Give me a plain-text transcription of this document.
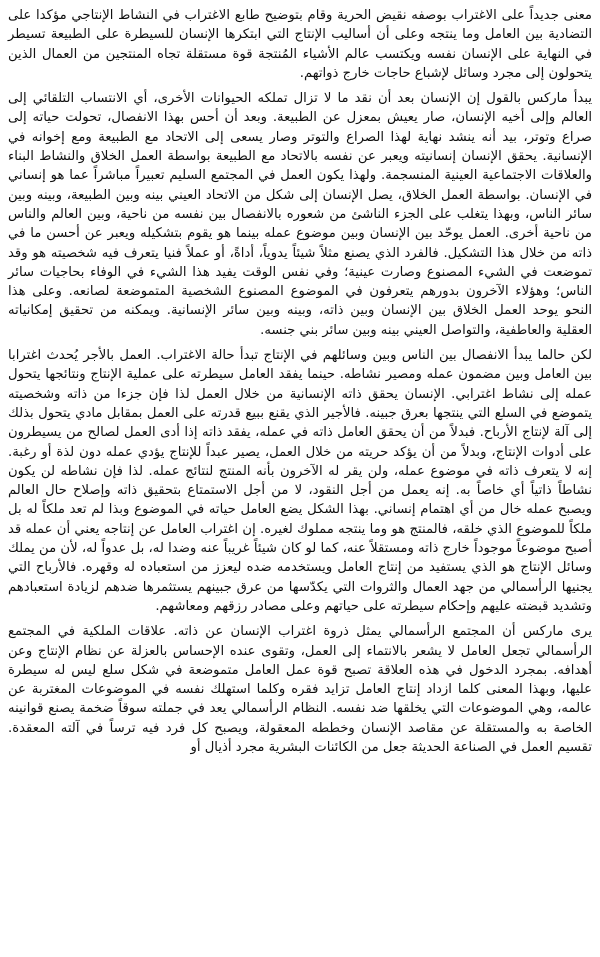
معنى جديداً على الاغتراب بوصفه نقيض الحرية وقام بتوضيح طابع الاغتراب في النشاط الإنتاجي مؤكدا على التضادية بين العامل وما ينتجه وعلى أن أساليب الإنتاج التي ابتكرها الإنسان للسيطرة على الطبيعة تسيطر في النهاية على الإنسان نفسه ويكتسب عالم الأشياء المُنتجة قوة مستقلة تجاه المنتجين من العمال الذين يتحولون إلى مجرد وسائل لإشباع حاجات خارج ذواتهم.

يبدأ ماركس بالقول إن الإنسان بعد أن نقد ما لا تزال تملكه الحيوانات الأخرى، أي الانتساب التلقائي إلى العالم وإلى أخيه الإنسان، صار يعيش بمعزل عن الطبيعة. وبعد أن أحس بهذا الانفصال، تحولت حياته إلى صراع وتوتر، بيد أنه ينشد نهاية لهذا الصراع والتوتر وصار يسعى إلى الاتحاد مع الطبيعة ومع إخوانه في الإنسانية. يحقق الإنسان إنسانيته ويعبر عن نفسه بالاتحاد مع الطبيعة بواسطة العمل الخلاق والنشاط البناء والعلاقات الاجتماعية العينية المنسجمة. ولهذا يكون العمل في المجتمع السليم تعبيراً مباشراً عما هو إنساني في الإنسان. بواسطة العمل الخلاق، يصل الإنسان إلى شكل من الاتحاد العيني بينه وبين الطبيعة، وبينه وبين سائر الناس، وبهذا يتغلب على الجزء الناشئ من شعوره بالانفصال بين نفسه من ناحية، وبين العالم والناس من ناحية أخرى. العمل يوحّد بين الإنسان وبين موضوع عمله بينما هو يقوم بتشكيله ويعبر عن أحسن ما في ذاته من خلال هذا التشكيل. فالفرد الذي يصنع مثلاً شيئاً يدوياً، أداةً، أو عملاً فنيا يتعرف فيه شخصيته هو وقد تموضعت في الشيء المصنوع وصارت عينية؛ وفي نفس الوقت يفيد هذا الشيء في الوفاء بحاجيات سائر الناس؛ وهؤلاء الآخرون بدورهم يتعرفون في الموضوع المصنوع الشخصية المتموضعة لصانعه. وعلى هذا النحو يوحد العمل الخلاق بين الإنسان وبين ذاته، وبينه وبين سائر الإنسانية. ويمكنه من تحقيق إمكانياته العقلية والعاطفية، والتواصل العيني بينه وبين سائر بني جنسه.

لكن حالما يبدأ الانفصال بين الناس وبين وسائلهم في الإنتاج تبدأ حالة الاغتراب. العمل بالأجر يُحدث اغترابا بين العامل وبين مضمون عمله ومصير نشاطه. حينما يفقد العامل سيطرته على عملية الإنتاج ونتائجها يتحول عمله إلى نشاط اغترابي. الإنسان يحقق ذاته الإنسانية من خلال العمل لذا فإن جزءا من ذاته وشخصيته يتموضع في السلع التي ينتجها بعرق جبينه. فالأجير الذي يقنع ببيع قدرته على العمل بمقابل مادي يتحول بذلك إلى آلة لإنتاج الأرباح. فبدلاً من أن يحقق العامل ذاته في عمله، يفقد ذاته إذا أدى العمل لصالح من يسيطرون على أدوات الإنتاج، وبدلاً من أن يؤكد حريته من خلال العمل، يصير عبداً للإنتاج يؤدي عمله دون لذة أو رغبة. إنه لا يتعرف ذاته في موضوع عمله، ولن يقر له الآخرون بأنه المنتج لنتائج عمله. لذا فإن نشاطه لن يكون نشاطاً ذاتياً أي خاصاً به. إنه يعمل من أجل النقود، لا من أجل الاستمتاع بتحقيق ذاته وإصلاح حال العالم ويصبح عمله خال من أي اهتمام إنساني. بهذا الشكل يضع العامل حياته في الموضوع وبذا لم تعد ملكاً له بل ملكاً للموضوع الذي خلقه، فالمنتج هو وما ينتجه مملوك لغيره. إن اغتراب العامل عن إنتاجه يعني أن عمله قد أصبح موضوعاً موجوداً خارج ذاته ومستقلاً عنه، كما لو كان شيئاً غريباً عنه وضدا له، بل عدواً له، لأن من يملك وسائل الإنتاج هو الذي يستفيد من إنتاج العامل ويستخدمه ضده ليعزز من استعباده له وقهره. فالأرباح التي يجنيها الرأسمالي من جهد العمال والثروات التي يكدّسها من عرق جبينهم يستثمرها ضدهم لزيادة استعبادهم وتشديد قبضته عليهم وإحكام سيطرته على حياتهم وعلى مصادر رزقهم ومعاشهم.

يرى ماركس أن المجتمع الرأسمالي يمثل ذروة اغتراب الإنسان عن ذاته. علاقات الملكية في المجتمع الرأسمالي تجعل العامل لا يشعر بالانتماء إلى العمل، وتقوى عنده الإحساس بالعزلة عن نظام الإنتاج وعن أهدافه. بمجرد الدخول في هذه العلاقة تصبح قوة عمل العامل متموضعة في شكل سلع ليس له سيطرة عليها، وبهذا المعنى كلما ازداد إنتاج العامل تزايد فقره وكلما استهلك نفسه في الموضوعات المغتربة عن عالمه، وهي الموضوعات التي يخلقها ضد نفسه. النظام الرأسمالي يعد في جملته سوقاً ضخمة يصنع قوانينه الخاصة به والمستقلة عن مقاصد الإنسان وخططه المعقولة، ويصبح كل فرد فيه ترساً في آلته المعقدة. تقسيم العمل في الصناعة الحديثة جعل من الكائنات البشرية مجرد أذيال أو
